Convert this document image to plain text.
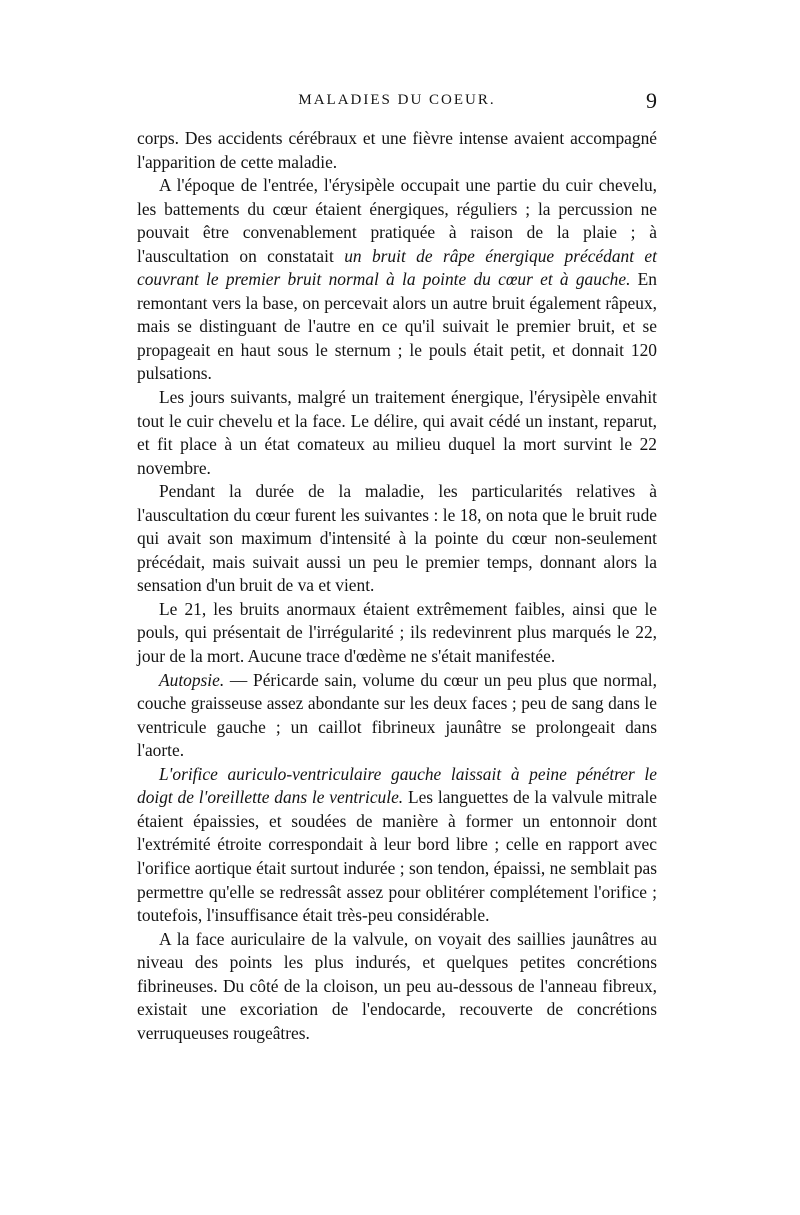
MALADIES DU COEUR.	9

corps. Des accidents cérébraux et une fièvre intense avaient accompagné l'apparition de cette maladie.

A l'époque de l'entrée, l'érysipèle occupait une partie du cuir chevelu, les battements du cœur étaient énergiques, réguliers ; la percussion ne pouvait être convenablement pratiquée à raison de la plaie ; à l'auscultation on constatait un bruit de râpe énergique précédant et couvrant le premier bruit normal à la pointe du cœur et à gauche. En remontant vers la base, on percevait alors un autre bruit également râpeux, mais se distinguant de l'autre en ce qu'il suivait le premier bruit, et se propageait en haut sous le sternum ; le pouls était petit, et donnait 120 pulsations.

Les jours suivants, malgré un traitement énergique, l'érysipèle envahit tout le cuir chevelu et la face. Le délire, qui avait cédé un instant, reparut, et fit place à un état comateux au milieu duquel la mort survint le 22 novembre.

Pendant la durée de la maladie, les particularités relatives à l'auscultation du cœur furent les suivantes : le 18, on nota que le bruit rude qui avait son maximum d'intensité à la pointe du cœur non-seulement précédait, mais suivait aussi un peu le premier temps, donnant alors la sensation d'un bruit de va et vient.

Le 21, les bruits anormaux étaient extrêmement faibles, ainsi que le pouls, qui présentait de l'irrégularité ; ils redevinrent plus marqués le 22, jour de la mort. Aucune trace d'œdème ne s'était manifestée.

Autopsie. — Péricarde sain, volume du cœur un peu plus que normal, couche graisseuse assez abondante sur les deux faces ; peu de sang dans le ventricule gauche ; un caillot fibrineux jaunâtre se prolongeait dans l'aorte.

L'orifice auriculo-ventriculaire gauche laissait à peine pénétrer le doigt de l'oreillette dans le ventricule. Les languettes de la valvule mitrale étaient épaissies, et soudées de manière à former un entonnoir dont l'extrémité étroite correspondait à leur bord libre ; celle en rapport avec l'orifice aortique était surtout indurée ; son tendon, épaissi, ne semblait pas permettre qu'elle se redressât assez pour oblitérer complétement l'orifice ; toutefois, l'insuffisance était très-peu considérable.

A la face auriculaire de la valvule, on voyait des saillies jaunâtres au niveau des points les plus indurés, et quelques petites concrétions fibrineuses. Du côté de la cloison, un peu au-dessous de l'anneau fibreux, existait une excoriation de l'endocarde, recouverte de concrétions verruqueuses rougeâtres.
